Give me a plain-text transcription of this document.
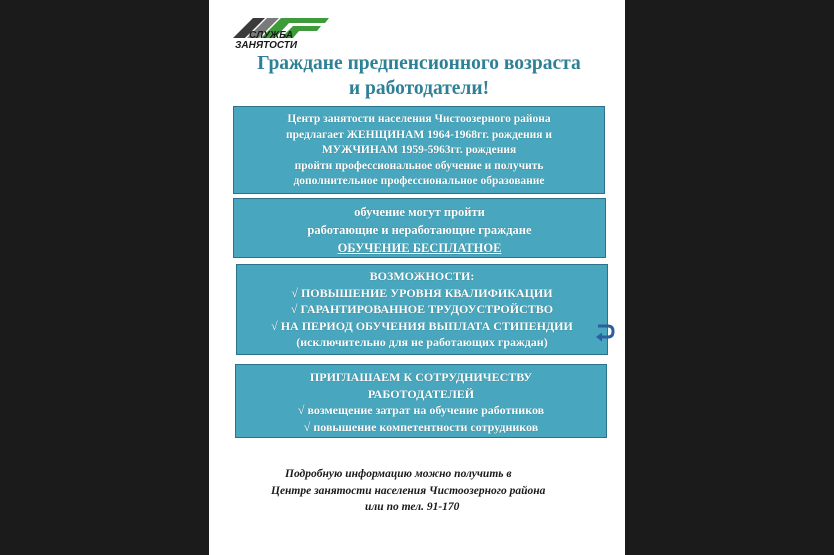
СЛУЖБА
ЗАНЯТОСТИ
Граждане предпенсионного возраста
и работодатели!
Центр занятости населения Чистоозерного района
предлагает ЖЕНЩИНАМ 1964-1968гг. рождения и
МУЖЧИНАМ 1959-5963гг. рождения
пройти профессиональное обучение и получить
дополнительное профессиональное образование
обучение могут пройти
работающие и неработающие граждане
ОБУЧЕНИЕ БЕСПЛАТНОЕ
ВОЗМОЖНОСТИ:
√ ПОВЫШЕНИЕ УРОВНЯ КВАЛИФИКАЦИИ
√ ГАРАНТИРОВАННОЕ ТРУДОУСТРОЙСТВО
√ НА ПЕРИОД ОБУЧЕНИЯ ВЫПЛАТА СТИПЕНДИИ
(исключительно для не работающих граждан)
ПРИГЛАШАЕМ К СОТРУДНИЧЕСТВУ
РАБОТОДАТЕЛЕЙ
√ возмещение затрат на обучение работников
√ повышение компетентности сотрудников
Подробную информацию можно получить в
Центре занятости населения Чистоозерного района
или по тел. 91-170
